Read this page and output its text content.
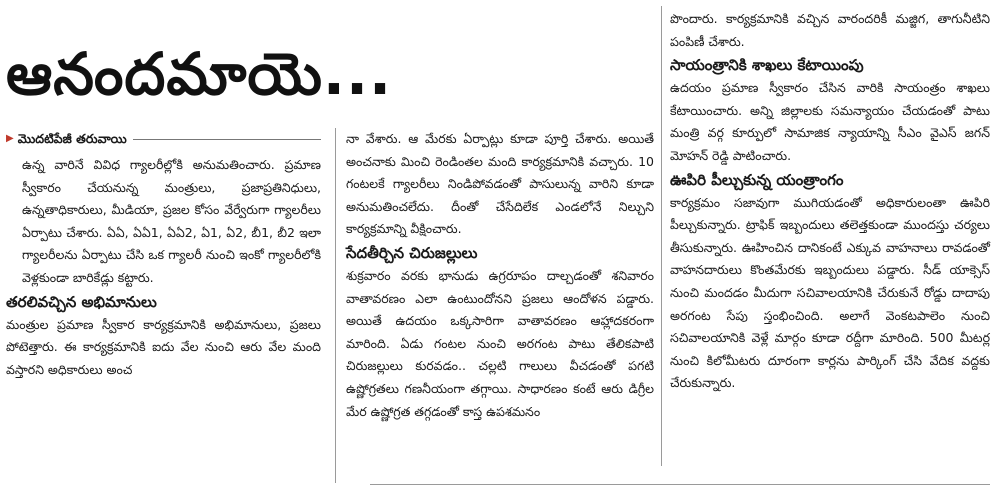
ఆనందమాయె...
▶ మొదటిపేజీ తరువాయి

ఉన్న వారినే వివిధ గ్యాలరీల్లోకి అనుమతించారు. ప్రమాణ స్వీకారం చేయనున్న మంత్రులు, ప్రజాప్రతినిధులు, ఉన్నతాధికారులు, మీడియా, ప్రజల కోసం వేర్వేరుగా గ్యాలరీలు ఏర్పాటు చేశారు. ఏఏ, ఏఏ1, ఏఏ2, ఏ1, ఏ2, బీ1, బీ2 ఇలా గ్యాలరీలను ఏర్పాటు చేసి ఒక గ్యాలరీ నుంచి ఇంకో గ్యాలరీలోకి వెళ్లకుండా బారికేడ్లు కట్టారు.

తరలివచ్చిన అభిమానులు

మంత్రుల ప్రమాణ స్వీకార కార్యక్రమానికి అభిమానులు, ప్రజలు పోటెత్తారు. ఈ కార్యక్రమానికి ఐదు వేల నుంచి ఆరు వేల మంది వస్తారని అధికారులు అంచ

నా వేశారు. ఆ మేరకు ఏర్పాట్లు కూడా పూర్తి చేశారు. అయితే అంచనాకు మించి రెండింతల మంది కార్యక్రమానికి వచ్చారు. 10 గంటలకే గ్యాలరీలు నిండిపోవడంతో పాసులున్న వారిని కూడా అనుమతించలేదు. దీంతో చేసేదిలేక ఎండలోనే నిల్చుని కార్యక్రమాన్ని వీక్షించారు.

సేదతీర్చిన చిరుజల్లులు

శుక్రవారం వరకు భానుడు ఉగ్రరూపం దాల్చడంతో శనివారం వాతావరణం ఎలా ఉంటుందోనని ప్రజలు ఆందోళన పడ్డారు. అయితే ఉదయం ఒక్కసారిగా వాతావరణం ఆహ్లాదకరంగా మారింది. ఏడు గంటల నుంచి అరగంట పాటు తేలికపాటి చిరుజల్లులు కురవడం.. చల్లటి గాలులు వీచడంతో పగటి ఉష్ణోగ్రతలు గణనీయంగా తగ్గాయి. సాధారణం కంటే ఆరు డిగ్రీల మేర ఉష్ణోగ్రత తగ్గడంతో కాస్త ఉపశమనం

పొందారు. కార్యక్రమానికి వచ్చిన వారందరికీ మజ్జిగ, తాగునీటిని పంపిణీ చేశారు.

సాయంత్రానికి శాఖలు కేటాయింపు

ఉదయం ప్రమాణ స్వీకారం చేసిన వారికి సాయంత్రం శాఖలు కేటాయించారు. అన్ని జిల్లాలకు సమన్యాయం చేయడంతో పాటు మంత్రి వర్గ కూర్పులో సామాజిక న్యాయాన్ని సీఎం వైఎస్ జగన్ మోహన్ రెడ్డి పాటించారు.

ఊపిరి పీల్చుకున్న యంత్రాంగం

కార్యక్రమం సజావుగా ముగియడంతో అధికారులంతా ఊపిరి పీల్చుకున్నారు. ట్రాఫిక్ ఇబ్బందులు తలెత్తకుండా ముందస్తు చర్యలు తీసుకున్నారు. ఊహించిన దానికంటే ఎక్కువ వాహనాలు రావడంతో వాహనదారులు కొంతమేరకు ఇబ్బందులు పడ్డారు. సీడ్ యాక్సెస్ నుంచి మందడం మీదుగా సచివాలయానికి చేరుకునే రోడ్డు దాదాపు అరగంట సేపు స్తంభించింది. అలాగే వెంకటపాలెం నుంచి సచివాలయానికి వెళ్లే మార్గం కూడా రద్దీగా మారింది. 500 మీటర్ల నుంచి కిలోమీటరు దూరంగా కార్లను పార్కింగ్ చేసి వేదిక వద్దకు చేరుకున్నారు.
